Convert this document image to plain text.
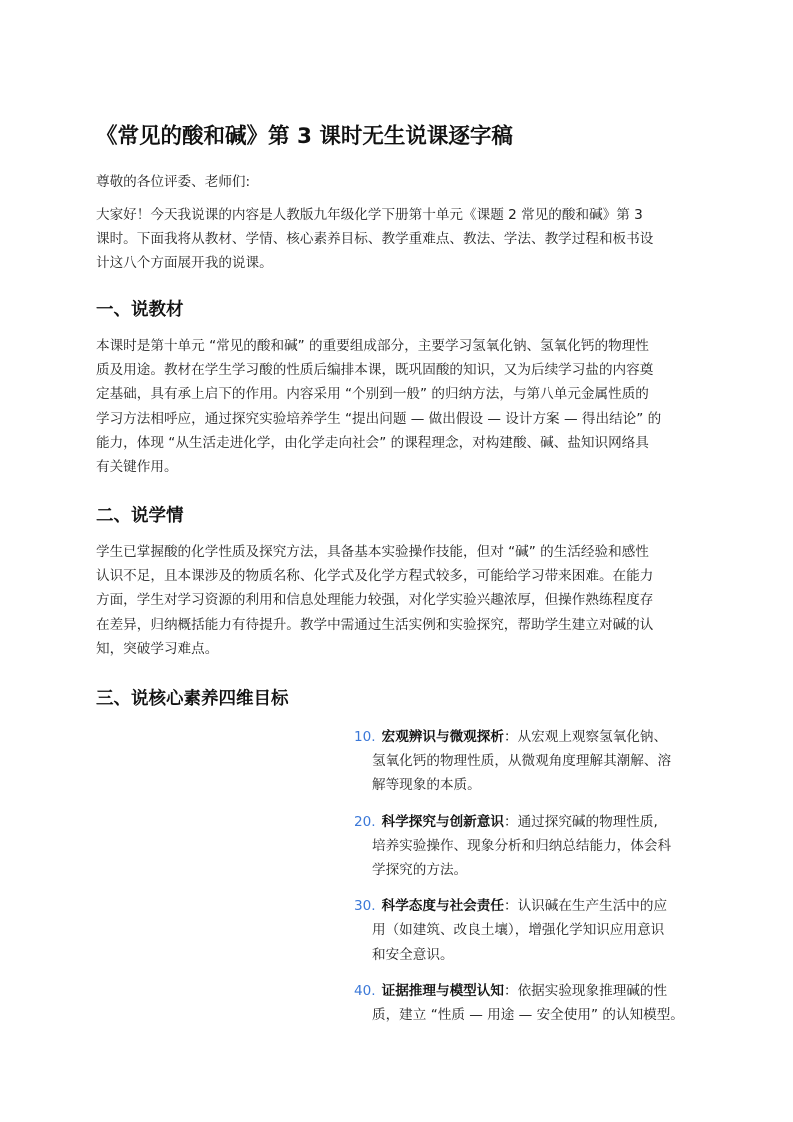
《常见的酸和碱》第 3 课时无生说课逐字稿

尊敬的各位评委、老师们:

大家好！今天我说课的内容是人教版九年级化学下册第十单元《课题 2 常见的酸和碱》第 3
课时。下面我将从教材、学情、核心素养目标、教学重难点、教法、学法、教学过程和板书设
计这八个方面展开我的说课。

一、说教材

本课时是第十单元 “常见的酸和碱” 的重要组成部分，主要学习氢氧化钠、氢氧化钙的物理性
质及用途。教材在学生学习酸的性质后编排本课，既巩固酸的知识，又为后续学习盐的内容奠
定基础，具有承上启下的作用。内容采用 “个别到一般” 的归纳方法，与第八单元金属性质的
学习方法相呼应，通过探究实验培养学生 “提出问题 — 做出假设 — 设计方案 — 得出结论” 的
能力，体现 “从生活走进化学，由化学走向社会” 的课程理念，对构建酸、碱、盐知识网络具
有关键作用。

二、说学情

学生已掌握酸的化学性质及探究方法，具备基本实验操作技能，但对 “碱” 的生活经验和感性
认识不足，且本课涉及的物质名称、化学式及化学方程式较多，可能给学习带来困难。在能力
方面，学生对学习资源的利用和信息处理能力较强，对化学实验兴趣浓厚，但操作熟练程度存
在差异，归纳概括能力有待提升。教学中需通过生活实例和实验探究，帮助学生建立对碱的认
知，突破学习难点。

三、说核心素养四维目标
10. 宏观辨识与微观探析：从宏观上观察氢氧化钠、
氢氧化钙的物理性质，从微观角度理解其潮解、溶
解等现象的本质。
20. 科学探究与创新意识：通过探究碱的物理性质,
培养实验操作、现象分析和归纳总结能力，体会科
学探究的方法。
30. 科学态度与社会责任：认识碱在生产生活中的应
用（如建筑、改良土壤），增强化学知识应用意识
和安全意识。
40. 证据推理与模型认知：依据实验现象推理碱的性
质，建立 “性质 — 用途 — 安全使用” 的认知模型。
